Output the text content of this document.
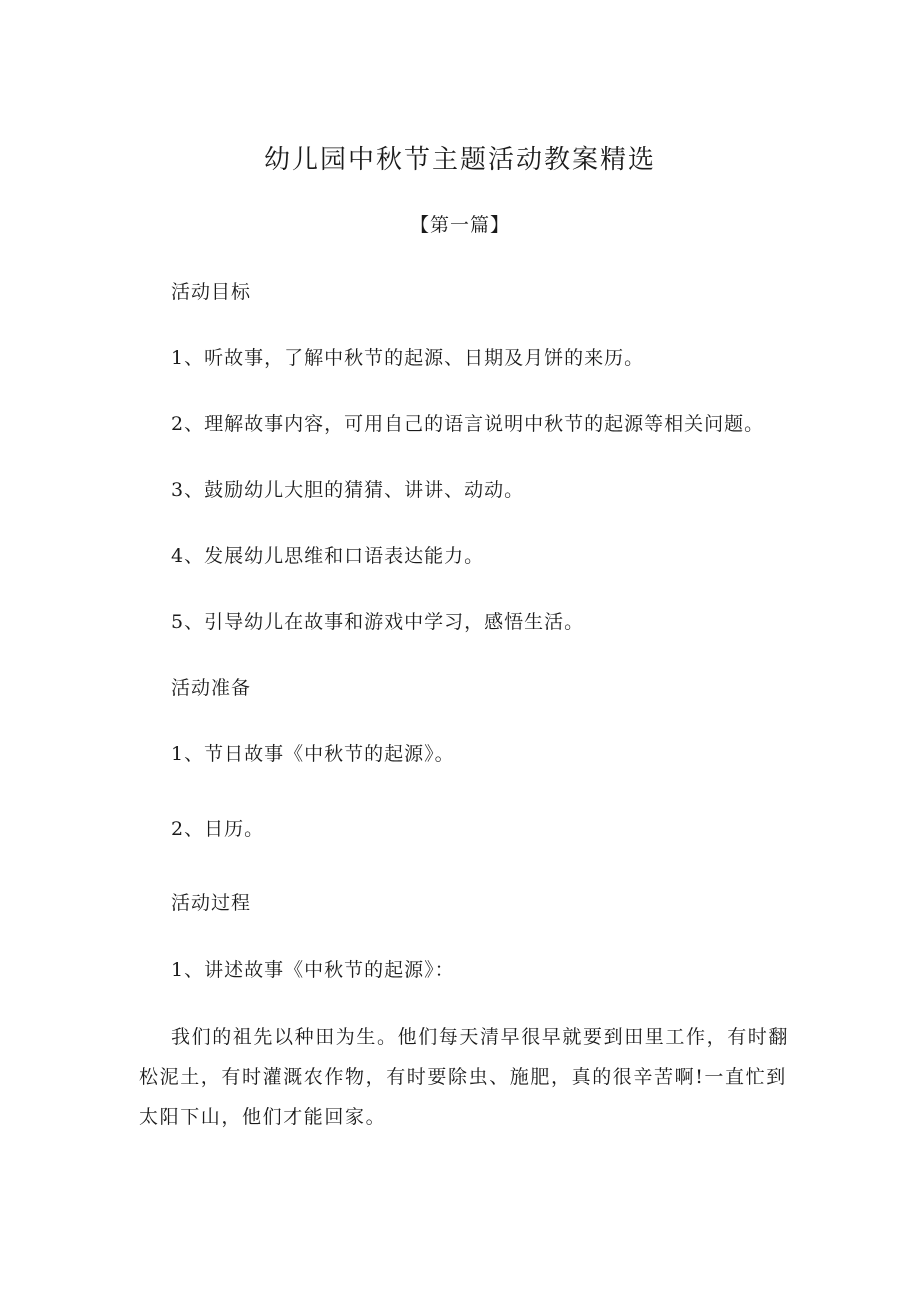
幼儿园中秋节主题活动教案精选
【第一篇】
活动目标
1、听故事，了解中秋节的起源、日期及月饼的来历。
2、理解故事内容，可用自己的语言说明中秋节的起源等相关问题。
3、鼓励幼儿大胆的猜猜、讲讲、动动。
4、发展幼儿思维和口语表达能力。
5、引导幼儿在故事和游戏中学习，感悟生活。
活动准备
1、节日故事《中秋节的起源》。
2、日历。
活动过程
1、讲述故事《中秋节的起源》：
我们的祖先以种田为生。他们每天清早很早就要到田里工作，有时翻松泥土，有时灌溉农作物，有时要除虫、施肥，真的很辛苦啊!一直忙到太阳下山，他们才能回家。
